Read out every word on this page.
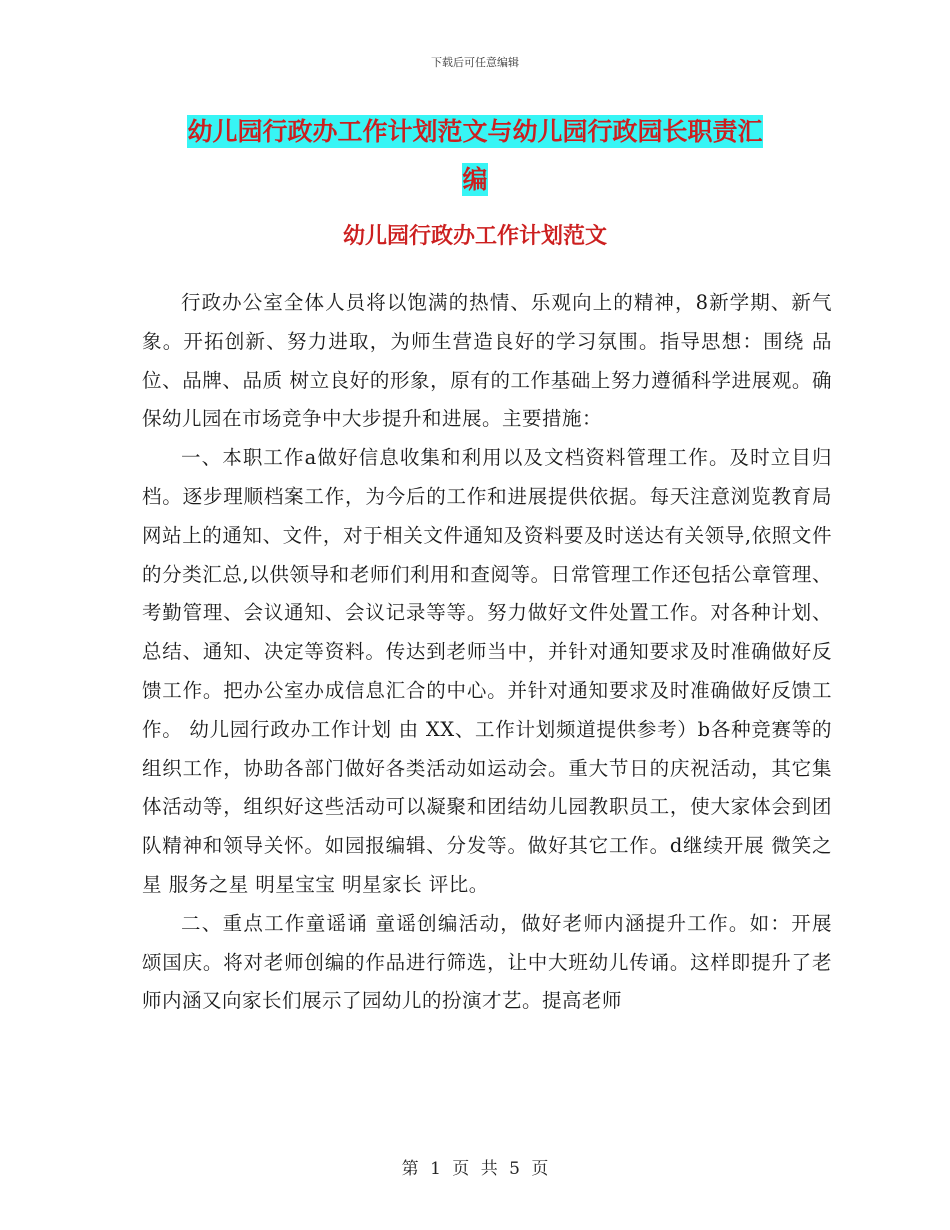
下载后可任意编辑
幼儿园行政办工作计划范文与幼儿园行政园长职责汇
编
幼儿园行政办工作计划范文

行政办公室全体人员将以饱满的热情、乐观向上的精神，8新学期、新气象。开拓创新、努力进取，为师生营造良好的学习氛围。指导思想：围绕 品位、品牌、品质 树立良好的形象，原有的工作基础上努力遵循科学进展观。确保幼儿园在市场竞争中大步提升和进展。主要措施：

一、本职工作a做好信息收集和利用以及文档资料管理工作。及时立目归档。逐步理顺档案工作，为今后的工作和进展提供依据。每天注意浏览教育局网站上的通知、文件，对于相关文件通知及资料要及时送达有关领导,依照文件的分类汇总,以供领导和老师们利用和查阅等。日常管理工作还包括公章管理、考勤管理、会议通知、会议记录等等。努力做好文件处置工作。对各种计划、总结、通知、决定等资料。传达到老师当中，并针对通知要求及时准确做好反馈工作。把办公室办成信息汇合的中心。并针对通知要求及时准确做好反馈工作。 幼儿园行政办工作计划 由 XX、工作计划频道提供参考）b各种竞赛等的组织工作，协助各部门做好各类活动如运动会。重大节日的庆祝活动，其它集体活动等，组织好这些活动可以凝聚和团结幼儿园教职员工，使大家体会到团队精神和领导关怀。如园报编辑、分发等。做好其它工作。d继续开展 微笑之星 服务之星 明星宝宝 明星家长 评比。

二、重点工作童谣诵 童谣创编活动，做好老师内涵提升工作。如：开展 颂国庆。将对老师创编的作品进行筛选，让中大班幼儿传诵。这样即提升了老师内涵又向家长们展示了园幼儿的扮演才艺。提高老师

第 1 页 共 5 页
